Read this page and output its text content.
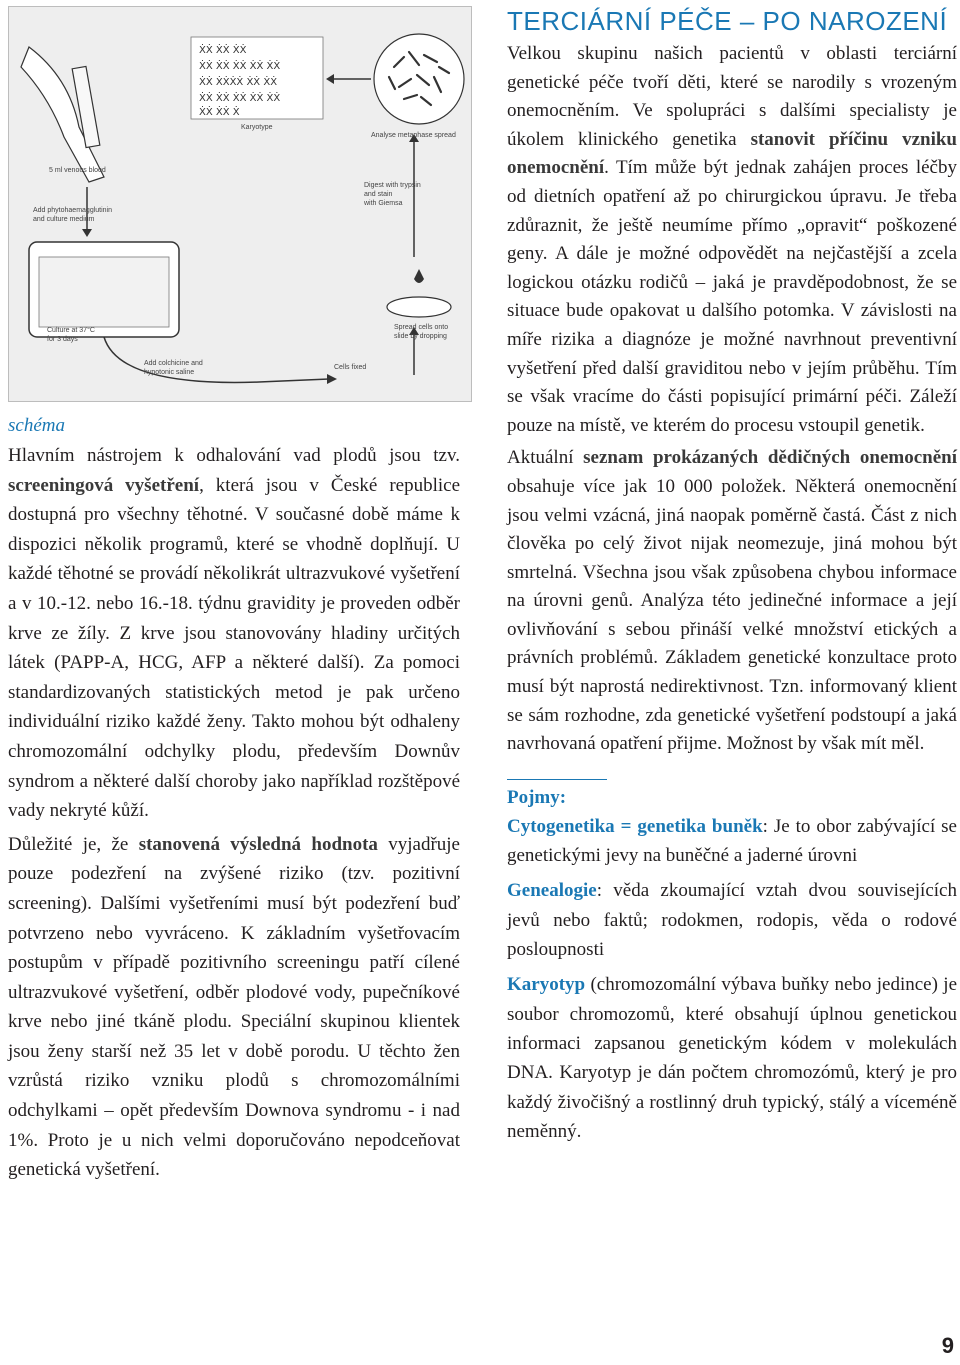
5 ml venous blood
Add phytohaemagglutinin and culture medium
Culture at 37°C for 3 days
Add colchicine and hypotonic saline
Cells fixed
Spread cells onto slide by dropping
Digest with trypsin and stain with Giemsa
Analyse metaphase spread
ẊẊ ẊẊ ẊẊ
ẊẊ ẊẊ ẊẊ ẊẊ ẊẊ
ẊẊ ẊẊẊẊ ẊẊ ẊẊ
ẊẊ ẊẊ ẊẊ ẊẊ ẊẊ
ẊẊ ẊẊ Ẋ
Karyotype
schéma

Hlavním nástrojem k odhalování vad plodů jsou tzv. screeningová vyšetření, která jsou v České republice dostupná pro všechny těhotné. V současné době máme k dispozici několik programů, které se vhodně doplňují. U každé těhotné se provádí několikrát ultrazvukové vyšetření a v 10.-12. nebo 16.-18. týdnu gravidity je proveden odběr krve ze žíly. Z krve jsou stanovovány hladiny určitých látek (PAPP-A, HCG, AFP a některé další). Za pomoci standardizovaných statistických metod je pak určeno individuální riziko každé ženy. Takto mohou být odhaleny chromozomální odchylky plodu, především Downův syndrom a některé další choroby jako například rozštěpové vady nekryté kůží.

Důležité je, že stanovená výsledná hodnota vyjadřuje pouze podezření na zvýšené riziko (tzv. pozitivní screening). Dalšími vyšetřeními musí být podezření buď potvrzeno nebo vyvráceno. K základním vyšetřovacím postupům v případě pozitivního screeningu patří cílené ultrazvukové vyšetření, odběr plodové vody, pupečníkové krve nebo jiné tkáně plodu. Speciální skupinou klientek jsou ženy starší než 35 let v době porodu. U těchto žen vzrůstá riziko vzniku plodů s chromozomálními odchylkami – opět především Downova syndromu - i nad 1%. Proto je u nich velmi doporučováno nepodceňovat genetická vyšetření.

TERCIÁRNÍ PÉČE – PO NAROZENÍ

Velkou skupinu našich pacientů v oblasti terciární genetické péče tvoří děti, které se narodily s vrozeným onemocněním. Ve spolupráci s dalšími specialisty je úkolem klinického genetika stanovit příčinu vzniku onemocnění. Tím může být jednak zahájen proces léčby od dietních opatření až po chirurgickou úpravu. Je třeba zdůraznit, že ještě neumíme přímo „opravit“ poškozené geny. A dále je možné odpovědět na nejčastější a zcela logickou otázku rodičů – jaká je pravděpodobnost, že se situace bude opakovat u dalšího potomka. V závislosti na míře rizika a diagnóze je možné navrhnout preventivní vyšetření před další graviditou nebo v jejím průběhu. Tím se však vracíme do části popisující primární péči. Záleží pouze na místě, ve kterém do procesu vstoupil genetik.

Aktuální seznam prokázaných dědičných onemocnění obsahuje více jak 10 000 položek. Některá onemocnění jsou velmi vzácná, jiná naopak poměrně častá. Část z nich člověka po celý život nijak neomezuje, jiná mohou být smrtelná. Všechna jsou však způsobena chybou informace na úrovni genů. Analýza této jedinečné informace a její ovlivňování s sebou přináší velké množství etických a právních problémů. Základem genetické konzultace proto musí být naprostá nedirektivnost. Tzn. informovaný klient se sám rozhodne, zda genetické vyšetření podstoupí a jaká navrhovaná opatření přijme. Možnost by však mít měl.

Pojmy:

Cytogenetika = genetika buněk: Je to obor zabývající se genetickými jevy na buněčné a jaderné úrovni

Genealogie: věda zkoumající vztah dvou souvisejících jevů nebo faktů; rodokmen, rodopis, věda o rodové posloupnosti

Karyotyp (chromozomální výbava buňky nebo jedince) je soubor chromozomů, které obsahují úplnou genetickou informaci zapsanou genetickým kódem v molekulách DNA. Karyotyp je dán počtem chromozómů, který je pro každý živočišný a rostlinný druh typický, stálý a víceméně neměnný.

9
